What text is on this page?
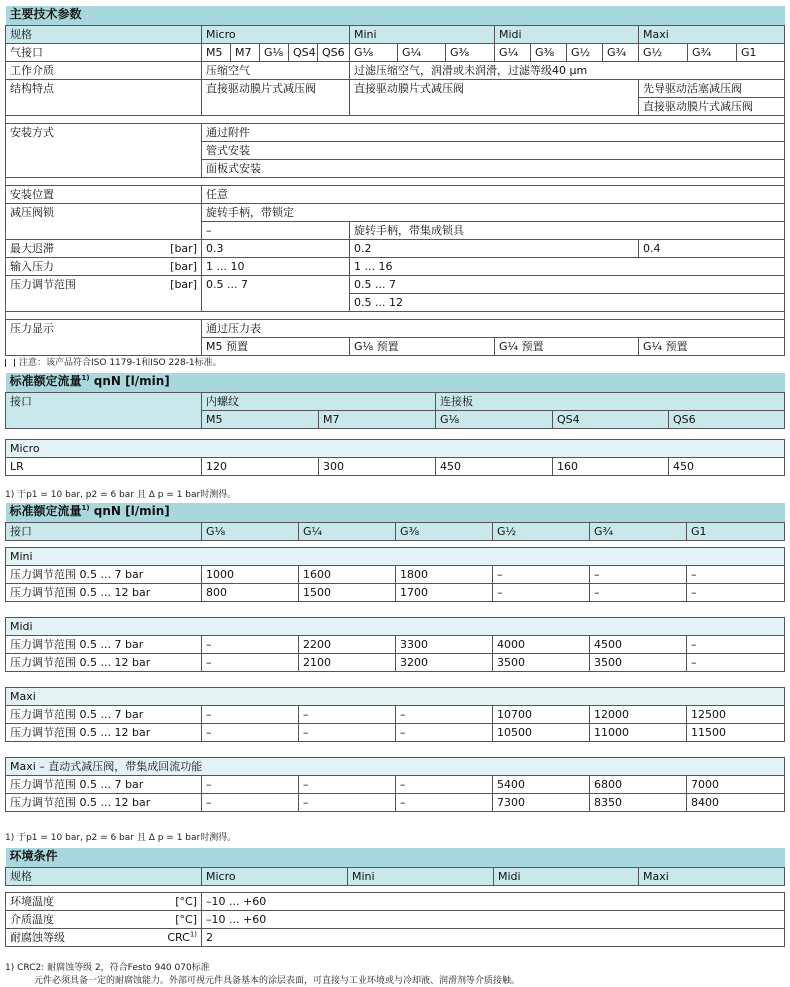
主要技术参数															
规格	Micro					Mini			Midi				Maxi		
气接口	M5	M7	G⅛	QS4	QS6	G⅛	G¼	G⅜	G¼	G⅜	G½	G¾	G½	G¾	G1
工作介质	压缩空气					过滤压缩空气，润滑或未润滑，过滤等级40 μm									
结构特点	直接驱动膜片式减压阀					直接驱动膜片式减压阀							先导驱动活塞减压阀		
													直接驱动膜片式减压阀		

安装方式	通过附件														
	管式安装														
	面板式安装														

安装位置	任意														
减压阀锁	旋转手柄，带锁定														
	–					旋转手柄，带集成锁具									
最大迟滞 [bar]	0.3					0.2							0.4		
输入压力 [bar]	1 ... 10					1 ... 16									
压力调节范围 [bar]	0.5 ... 7					0.5 ... 7									
						0.5 ... 12									

压力显示	通过压力表														
	M5 预置					G⅛ 预置			G¼ 预置				G¼ 预置		
注意：该产品符合ISO 1179-1和ISO 228-1标准。
标准额定流量$^{1)}$ qnN [l/min]					
接口	内螺纹		连接板		
	M5	M7	G⅛	QS4	QS6

Micro					
LR	120	300	450	160	450
1) 于p1 = 10 bar, p2 = 6 bar 且 Δ p = 1 bar时测得。
标准额定流量$^{1)}$ qnN [l/min]						
接口	G⅛	G¼	G⅜	G½	G¾	G1

Mini						
压力调节范围 0.5 ... 7 bar	1000	1600	1800	–	–	–
压力调节范围 0.5 ... 12 bar	800	1500	1700	–	–	–

Midi						
压力调节范围 0.5 ... 7 bar	–	2200	3300	4000	4500	–
压力调节范围 0.5 ... 12 bar	–	2100	3200	3500	3500	–

Maxi						
压力调节范围 0.5 ... 7 bar	–	–	–	10700	12000	12500
压力调节范围 0.5 ... 12 bar	–	–	–	10500	11000	11500

Maxi – 直动式减压阀，带集成回流功能						
压力调节范围 0.5 ... 7 bar	–	–	–	5400	6800	7000
压力调节范围 0.5 ... 12 bar	–	–	–	7300	8350	8400
1) 于p1 = 10 bar, p2 = 6 bar 且 Δ p = 1 bar时测得。
环境条件					
规格		Micro	Mini	Midi	Maxi

环境温度	[°C]	–10 ... +60			
介质温度	[°C]	–10 ... +60			
耐腐蚀等级	CRC$^{1)}$	2			
1) CRC2: 耐腐蚀等级 2，符合Festo 940 070标准
元件必须具备一定的耐腐蚀能力。外部可视元件具备基本的涂层表面，可直接与工业环境或与冷却液、润滑剂等介质接触。
